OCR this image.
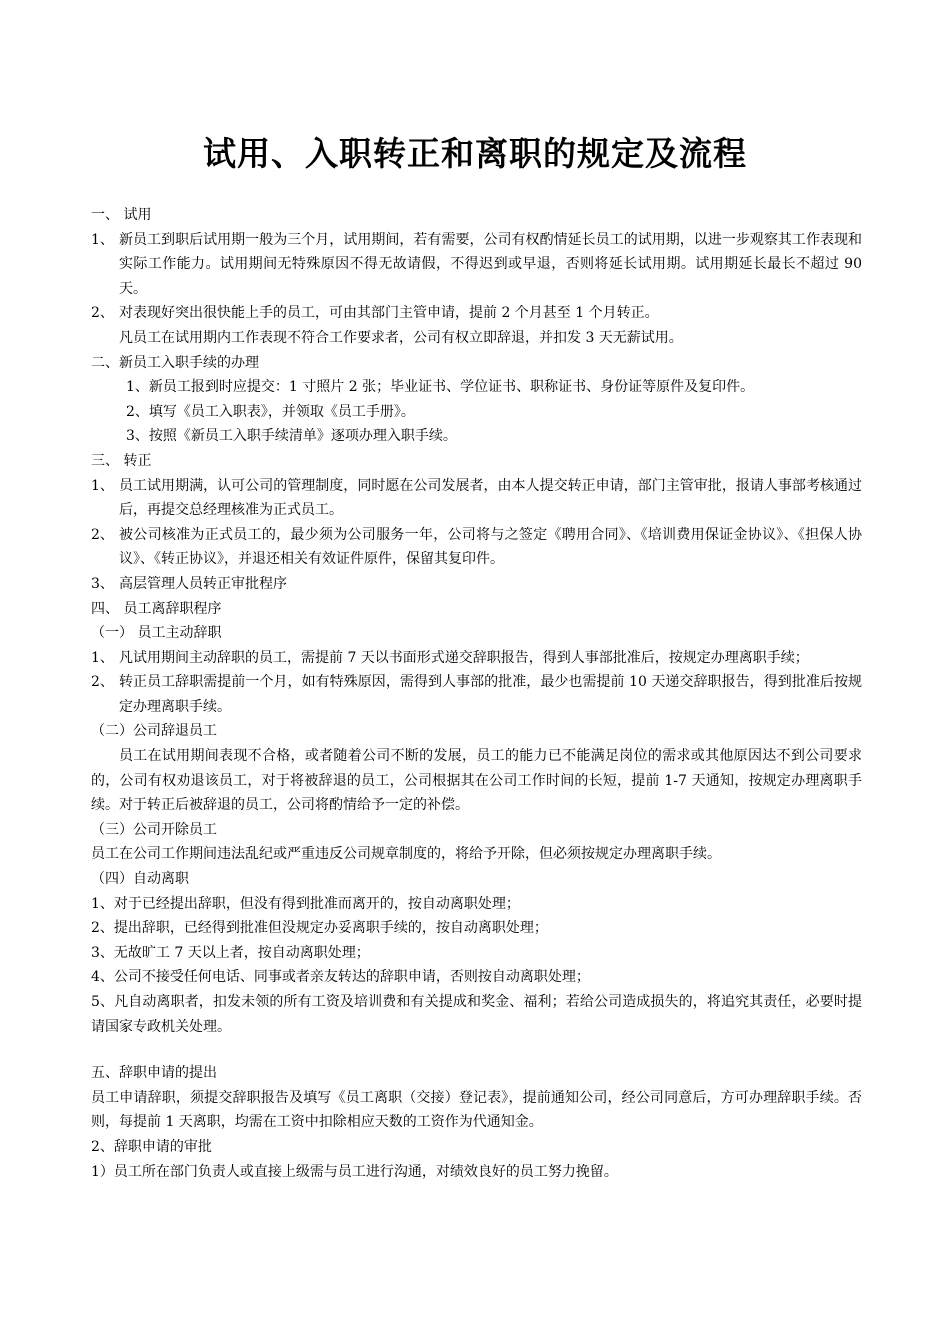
试用、入职转正和离职的规定及流程

一、 试用

1、 新员工到职后试用期一般为三个月，试用期间，若有需要，公司有权酌情延长员工的试用期，以进一步观察其工作表现和实际工作能力。试用期间无特殊原因不得无故请假，不得迟到或早退，否则将延长试用期。试用期延长最长不超过 90 天。
2、 对表现好突出很快能上手的员工，可由其部门主管申请，提前 2 个月甚至 1 个月转正。

凡员工在试用期内工作表现不符合工作要求者，公司有权立即辞退，并扣发 3 天无薪试用。

二、新员工入职手续的办理

1、新员工报到时应提交：1 寸照片 2 张；毕业证书、学位证书、职称证书、身份证等原件及复印件。

2、填写《员工入职表》，并领取《员工手册》。

3、按照《新员工入职手续清单》逐项办理入职手续。

三、 转正

1、 员工试用期满，认可公司的管理制度，同时愿在公司发展者，由本人提交转正申请，部门主管审批，报请人事部考核通过后，再提交总经理核准为正式员工。
2、 被公司核准为正式员工的，最少须为公司服务一年，公司将与之签定《聘用合同》、《培训费用保证金协议》、《担保人协议》、《转正协议》，并退还相关有效证件原件，保留其复印件。
3、 高层管理人员转正审批程序

四、 员工离辞职程序

（一） 员工主动辞职

1、 凡试用期间主动辞职的员工，需提前 7 天以书面形式递交辞职报告，得到人事部批准后，按规定办理离职手续；
2、 转正员工辞职需提前一个月，如有特殊原因，需得到人事部的批准，最少也需提前 10 天递交辞职报告，得到批准后按规定办理离职手续。

（二）公司辞退员工

员工在试用期间表现不合格，或者随着公司不断的发展，员工的能力已不能满足岗位的需求或其他原因达不到公司要求的，公司有权劝退该员工，对于将被辞退的员工，公司根据其在公司工作时间的长短，提前 1-7 天通知，按规定办理离职手续。对于转正后被辞退的员工，公司将酌情给予一定的补偿。

（三）公司开除员工

员工在公司工作期间违法乱纪或严重违反公司规章制度的，将给予开除，但必须按规定办理离职手续。

（四）自动离职

1、对于已经提出辞职，但没有得到批准而离开的，按自动离职处理；

2、提出辞职，已经得到批准但没规定办妥离职手续的，按自动离职处理；

3、无故旷工 7 天以上者，按自动离职处理；

4、公司不接受任何电话、同事或者亲友转达的辞职申请，否则按自动离职处理；

5、凡自动离职者，扣发未领的所有工资及培训费和有关提成和奖金、福利；若给公司造成损失的，将追究其责任，必要时提请国家专政机关处理。

五、辞职申请的提出

员工申请辞职，须提交辞职报告及填写《员工离职（交接）登记表》，提前通知公司，经公司同意后，方可办理辞职手续。否则，每提前 1 天离职，均需在工资中扣除相应天数的工资作为代通知金。

2、辞职申请的审批

1）员工所在部门负责人或直接上级需与员工进行沟通，对绩效良好的员工努力挽留。
